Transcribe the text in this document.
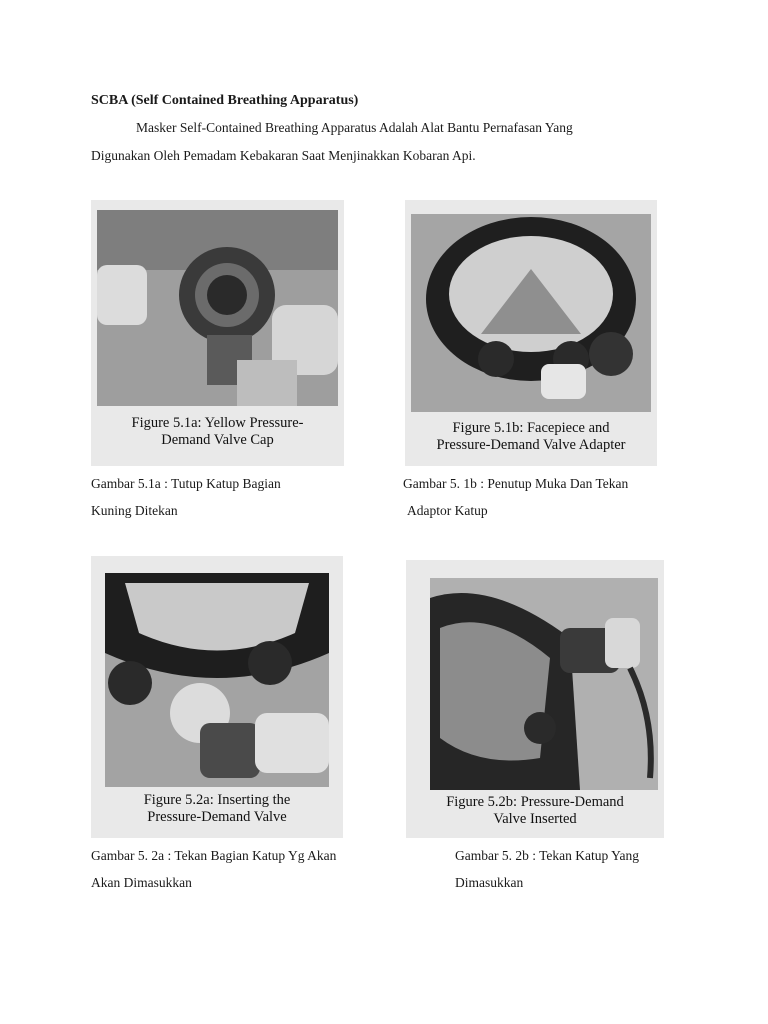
SCBA (Self Contained Breathing Apparatus)
Masker Self-Contained Breathing Apparatus Adalah Alat Bantu Pernafasan Yang
Digunakan Oleh Pemadam Kebakaran Saat Menjinakkan Kobaran Api.
Figure 5.1a: Yellow Pressure-
Demand Valve Cap
Figure 5.1b: Facepiece and
Pressure-Demand Valve Adapter
Gambar 5.1a : Tutup Katup Bagian
Kuning Ditekan
Gambar 5. 1b : Penutup Muka Dan Tekan
Adaptor Katup
Figure 5.2a: Inserting the
Pressure-Demand Valve
Figure 5.2b: Pressure-Demand
Valve Inserted
Gambar 5. 2a : Tekan Bagian Katup Yg Akan
Akan Dimasukkan
Gambar 5. 2b : Tekan Katup Yang
Dimasukkan
